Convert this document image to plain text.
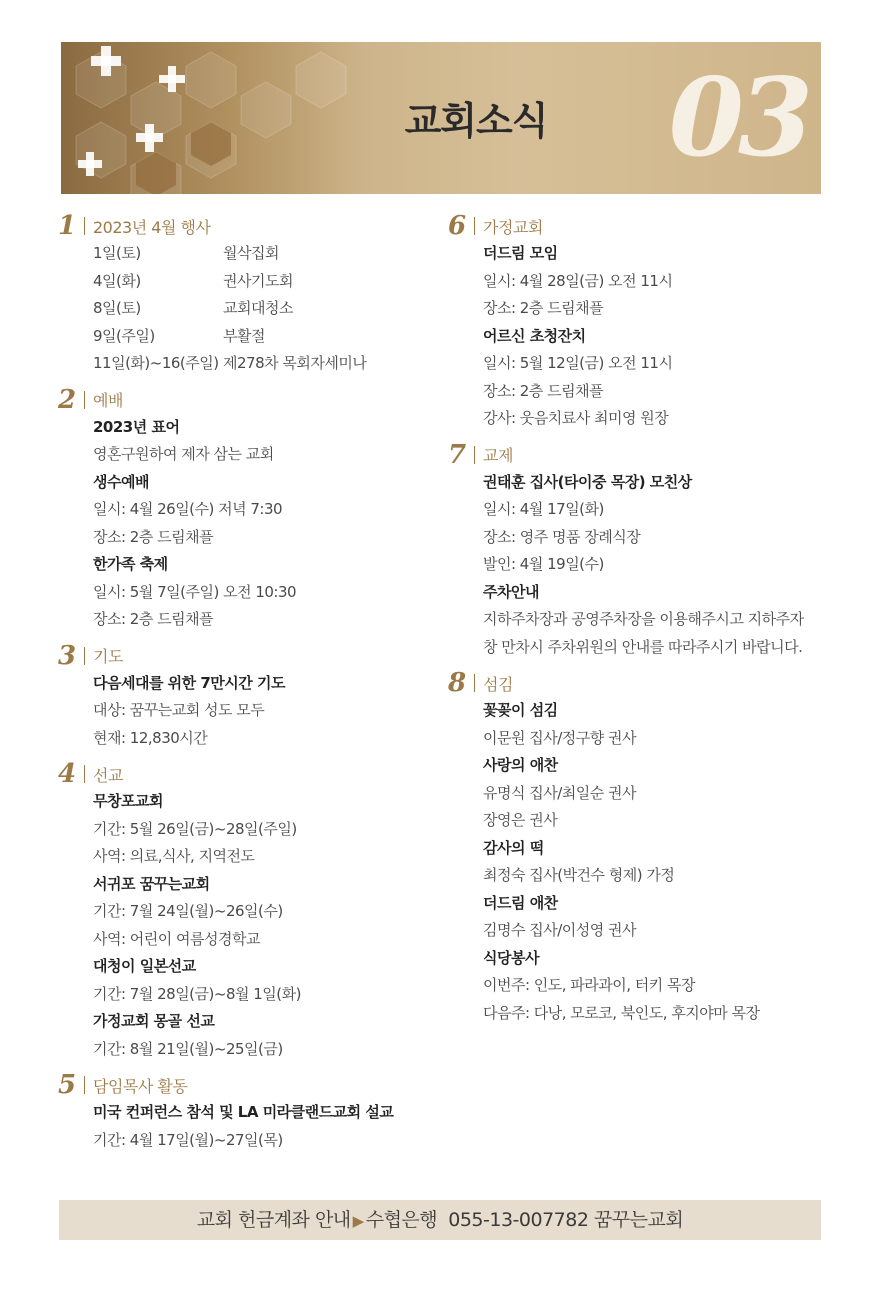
교회소식	03
1 2023년 4월 행사
1일(토)	월삭집회
4일(화)	권사기도회
8일(토)	교회대청소
9일(주일)	부활절
11일(화)~16(주일) 제278차 목회자세미나
2 예배
2023년 표어
영혼구원하여 제자 삼는 교회
생수예배
일시: 4월 26일(수) 저녁 7:30
장소: 2층 드림채플
한가족 축제
일시: 5월 7일(주일) 오전 10:30
장소: 2층 드림채플
3 기도
다음세대를 위한 7만시간 기도
대상: 꿈꾸는교회 성도 모두
현재: 12,830시간
4 선교
무창포교회
기간: 5월 26일(금)~28일(주일)
사역: 의료,식사, 지역전도
서귀포 꿈꾸는교회
기간: 7월 24일(월)~26일(수)
사역: 어린이 여름성경학교
대청이 일본선교
기간: 7월 28일(금)~8월 1일(화)
가정교회 몽골 선교
기간: 8월 21일(월)~25일(금)
5 담임목사 활동
미국 컨퍼런스 참석 및 LA 미라클랜드교회 설교
기간: 4월 17일(월)~27일(목)
6 가정교회
더드림 모임
일시: 4월 28일(금) 오전 11시
장소: 2층 드림채플
어르신 초청잔치
일시: 5월 12일(금) 오전 11시
장소: 2층 드림채플
강사: 웃음치료사 최미영 원장
7 교제
권태훈 집사(타이중 목장) 모친상
일시: 4월 17일(화)
장소: 영주 명품 장례식장
발인: 4월 19일(수)
주차안내
지하주차장과 공영주차장을 이용해주시고 지하주자
창 만차시 주차위원의 안내를 따라주시기 바랍니다.
8 섬김
꽃꽂이 섬김
이문원 집사/정구향 권사
사랑의 애찬
유명식 집사/최일순 권사
장영은 권사
감사의 떡
최정숙 집사(박건수 형제) 가정
더드림 애찬
김명수 집사/이성영 권사
식당봉사
이번주: 인도, 파라과이, 터키 목장
다음주: 다낭, 모로코, 북인도, 후지야마 목장
교회 헌금계좌 안내 ▶ 수협은행 055-13-007782 꿈꾸는교회
